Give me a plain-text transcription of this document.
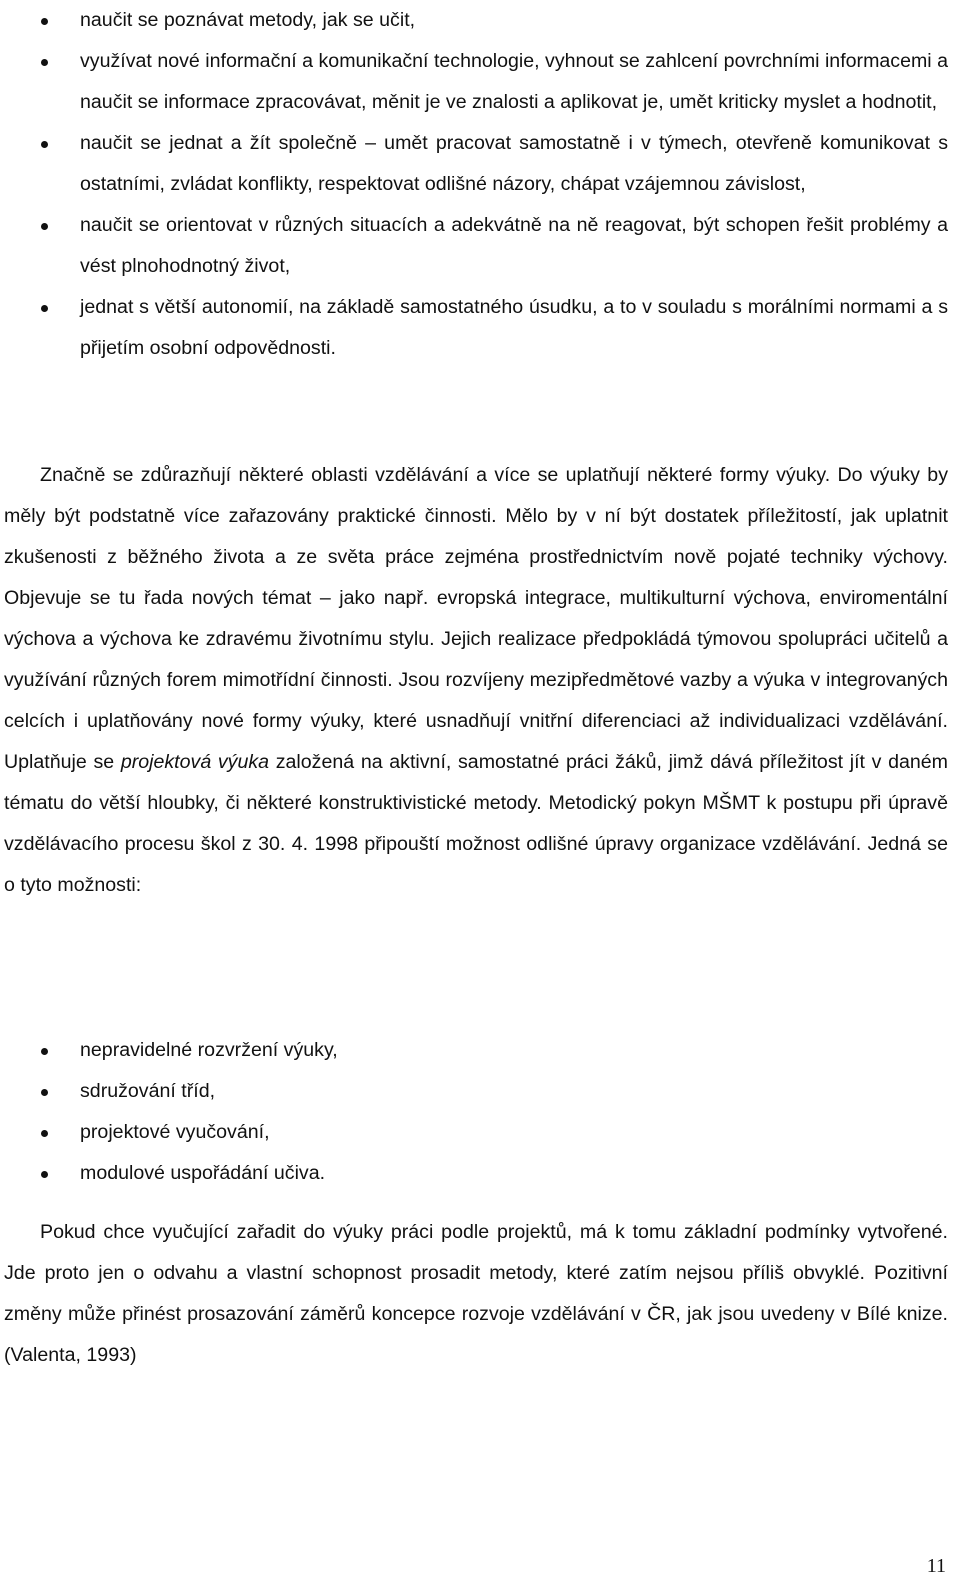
naučit se poznávat metody, jak se učit,
využívat nové informační a komunikační technologie, vyhnout se zahlcení povrchními informacemi a naučit se informace zpracovávat, měnit je ve znalosti a aplikovat je, umět kriticky myslet a hodnotit,
naučit se jednat a žít společně – umět pracovat samostatně i v týmech, otevřeně komunikovat s ostatními, zvládat konflikty, respektovat odlišné názory, chápat vzájemnou závislost,
naučit se orientovat v různých situacích a adekvátně na ně reagovat, být schopen řešit problémy a vést plnohodnotný život,
jednat s větší autonomií, na základě samostatného úsudku, a to v souladu s morálními normami a s přijetím osobní odpovědnosti.

Značně se zdůrazňují některé oblasti vzdělávání a více se uplatňují některé formy výuky. Do výuky by měly být podstatně více zařazovány praktické činnosti. Mělo by v ní být dostatek příležitostí, jak uplatnit zkušenosti z běžného života a ze světa práce zejména prostřednictvím nově pojaté techniky výchovy. Objevuje se tu řada nových témat – jako např. evropská integrace, multikulturní výchova, enviromentální výchova a výchova ke zdravému životnímu stylu. Jejich realizace předpokládá týmovou spolupráci učitelů a využívání různých forem mimotřídní činnosti. Jsou rozvíjeny mezipředmětové vazby a výuka v integrovaných celcích i uplatňovány nové formy výuky, které usnadňují vnitřní diferenciaci až individualizaci vzdělávání. Uplatňuje se projektová výuka založená na aktivní, samostatné práci žáků, jimž dává příležitost jít v daném tématu do větší hloubky, či některé konstruktivistické metody. Metodický pokyn MŠMT k postupu při úpravě vzdělávacího procesu škol z 30. 4. 1998 připouští možnost odlišné úpravy organizace vzdělávání. Jedná se o tyto možnosti:

nepravidelné rozvržení výuky,
sdružování tříd,
projektové vyučování,
modulové uspořádání učiva.

Pokud chce vyučující zařadit do výuky práci podle projektů, má k tomu základní podmínky vytvořené. Jde proto jen o odvahu a vlastní schopnost prosadit metody, které zatím nejsou příliš obvyklé. Pozitivní změny může přinést prosazování záměrů koncepce rozvoje vzdělávání v ČR, jak jsou uvedeny v Bílé knize. (Valenta, 1993)

11
